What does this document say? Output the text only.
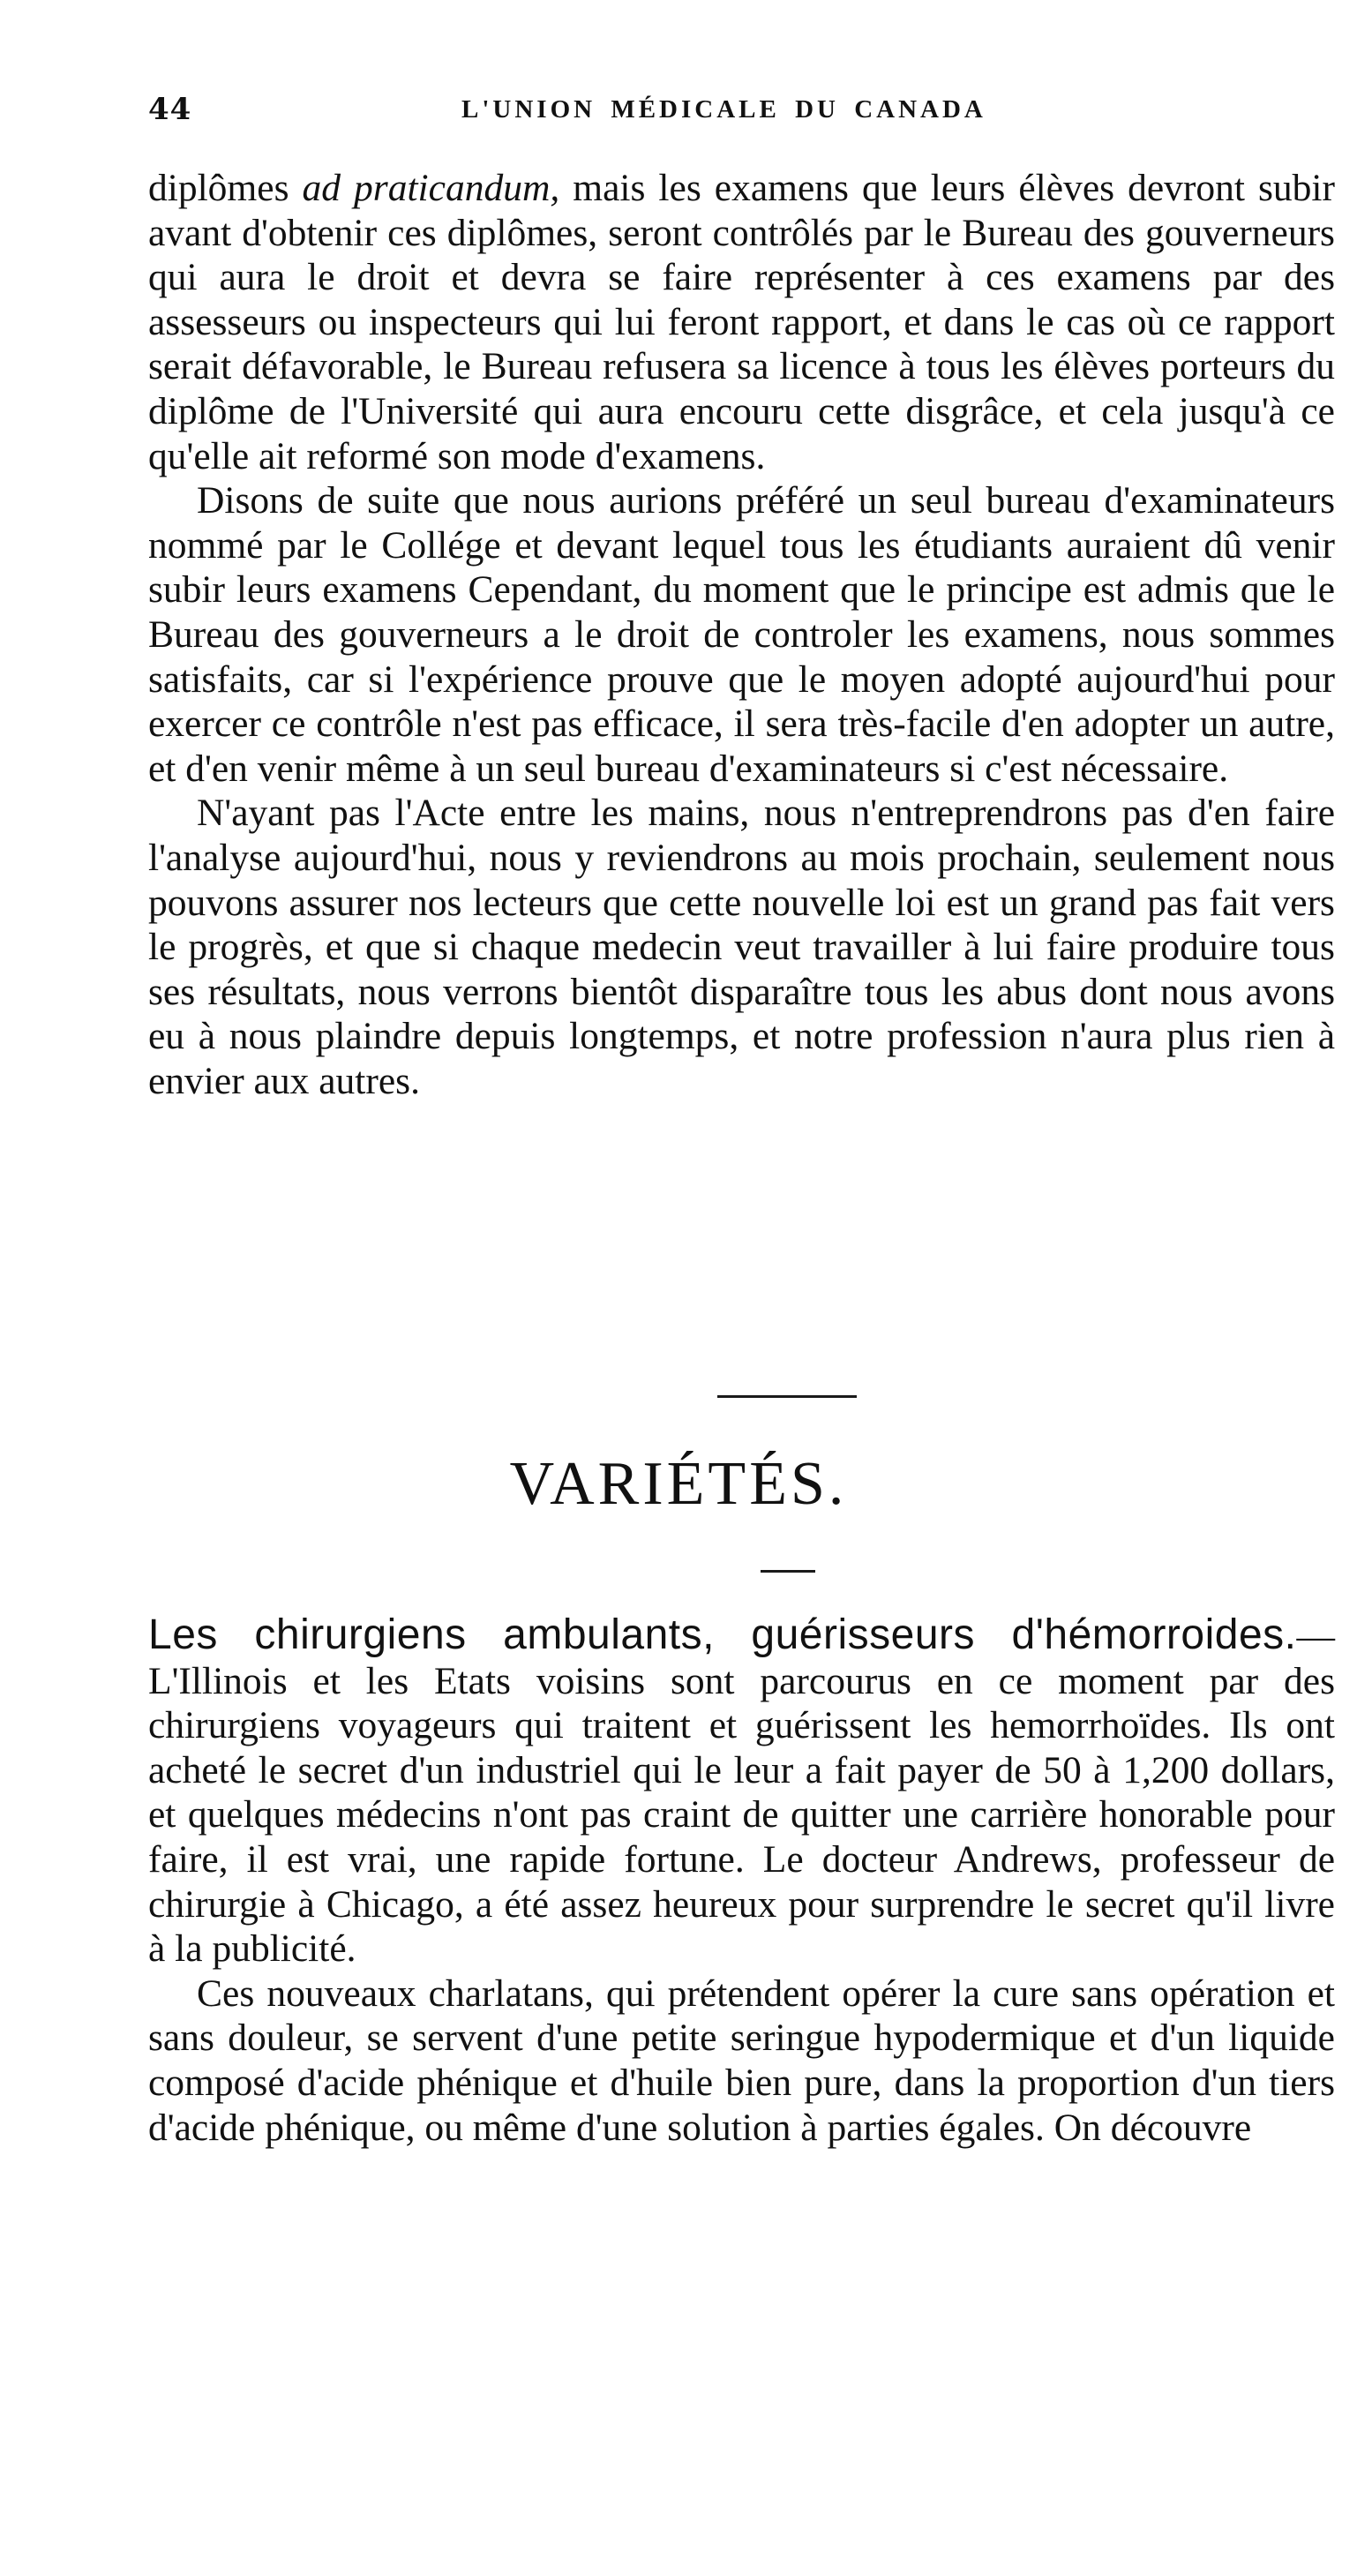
44	L'UNION MÉDICALE DU CANADA

diplômes ad praticandum, mais les examens que leurs élèves devront subir avant d'obtenir ces diplômes, seront contrôlés par le Bureau des gouverneurs qui aura le droit et devra se faire représenter à ces examens par des assesseurs ou inspecteurs qui lui feront rapport, et dans le cas où ce rapport serait défavorable, le Bureau refusera sa licence à tous les élèves porteurs du diplôme de l'Université qui aura encouru cette disgrâce, et cela jusqu'à ce qu'elle ait reformé son mode d'examens.

Disons de suite que nous aurions préféré un seul bureau d'examinateurs nommé par le Collége et devant lequel tous les étudiants auraient dû venir subir leurs examens Cependant, du moment que le principe est admis que le Bureau des gouverneurs a le droit de controler les examens, nous sommes satisfaits, car si l'expérience prouve que le moyen adopté aujourd'hui pour exercer ce contrôle n'est pas efficace, il sera très-facile d'en adopter un autre, et d'en venir même à un seul bureau d'examinateurs si c'est nécessaire.

N'ayant pas l'Acte entre les mains, nous n'entreprendrons pas d'en faire l'analyse aujourd'hui, nous y reviendrons au mois prochain, seulement nous pouvons assurer nos lecteurs que cette nouvelle loi est un grand pas fait vers le progrès, et que si chaque medecin veut travailler à lui faire produire tous ses résultats, nous verrons bientôt disparaître tous les abus dont nous avons eu à nous plaindre depuis longtemps, et notre profession n'aura plus rien à envier aux autres.

VARIÉTÉS.

Les chirurgiens ambulants, guérisseurs d'hémorroides.—L'Illinois et les Etats voisins sont parcourus en ce moment par des chirurgiens voyageurs qui traitent et guérissent les hemorrhoïdes. Ils ont acheté le secret d'un industriel qui le leur a fait payer de 50 à 1,200 dollars, et quelques médecins n'ont pas craint de quitter une carrière honorable pour faire, il est vrai, une rapide fortune. Le docteur Andrews, professeur de chirurgie à Chicago, a été assez heureux pour surprendre le secret qu'il livre à la publicité.

Ces nouveaux charlatans, qui prétendent opérer la cure sans opération et sans douleur, se servent d'une petite seringue hypodermique et d'un liquide composé d'acide phénique et d'huile bien pure, dans la proportion d'un tiers d'acide phénique, ou même d'une solution à parties égales. On découvre
